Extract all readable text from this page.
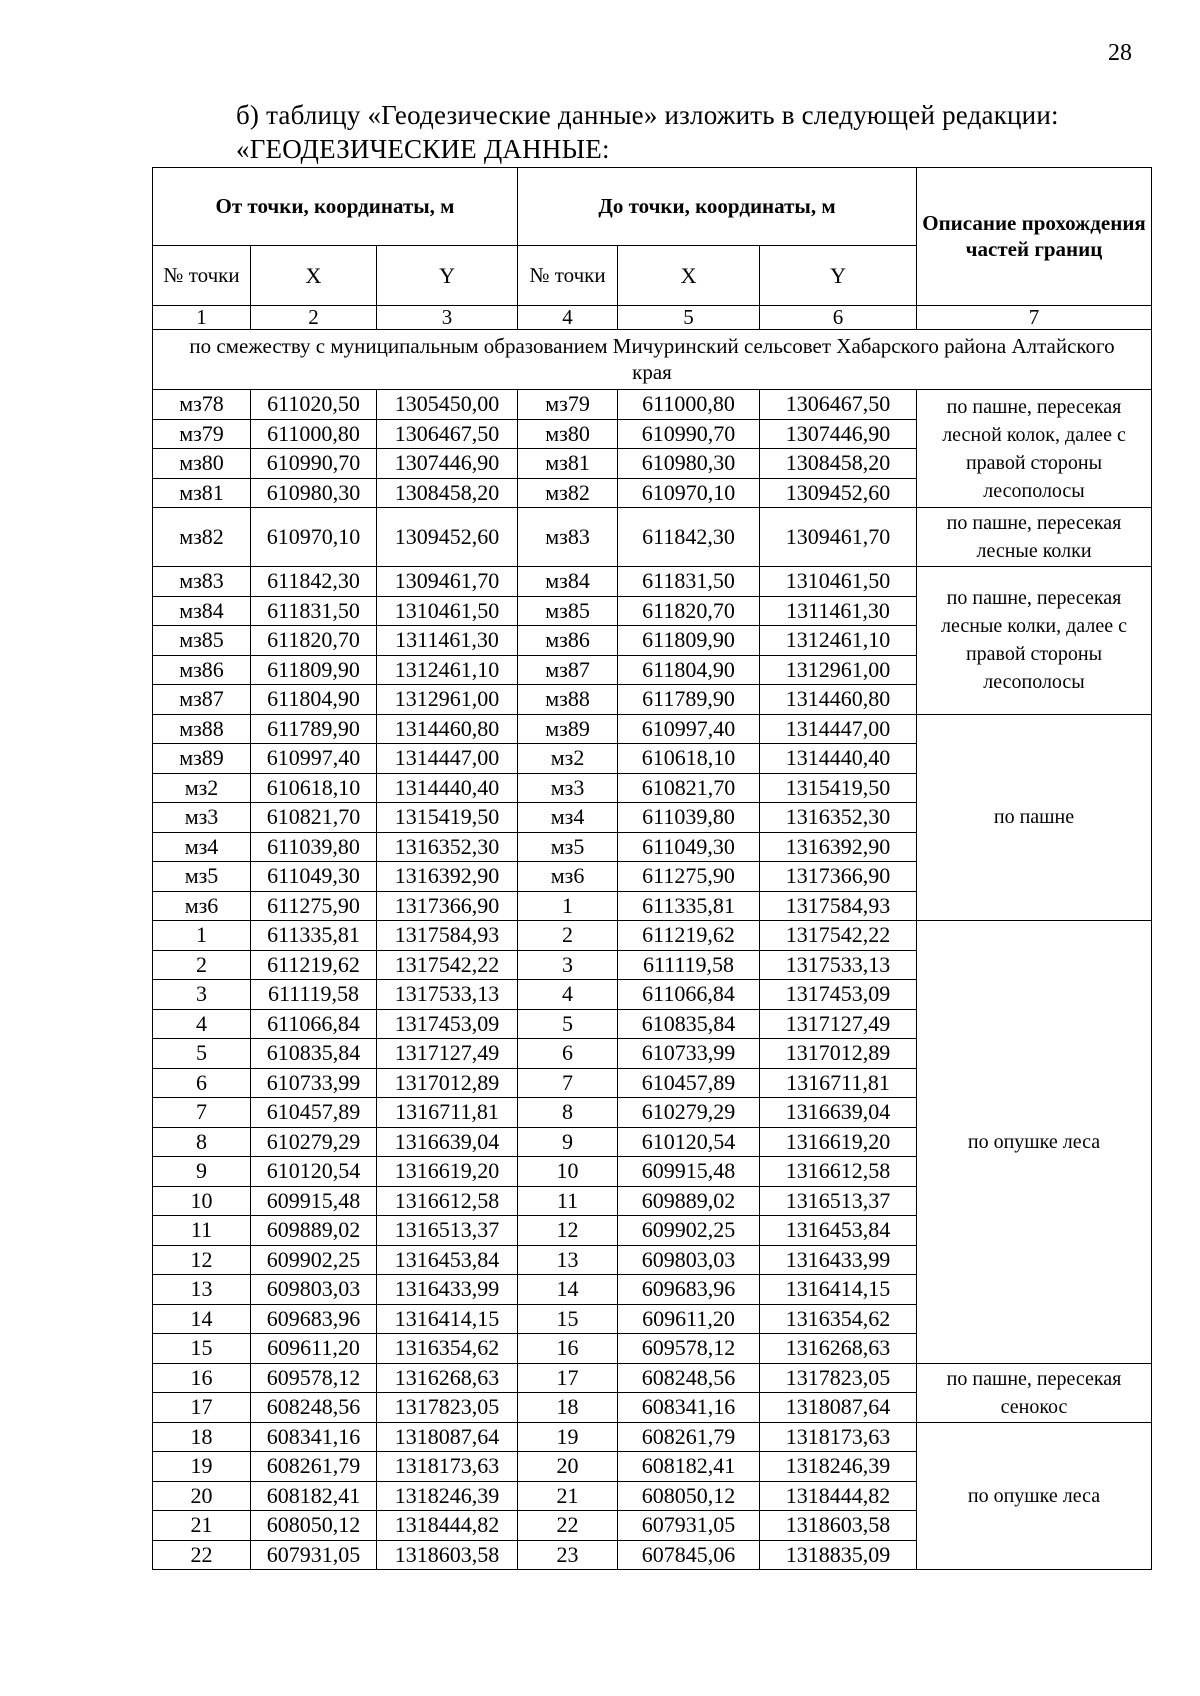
28
б) таблицу «Геодезические данные» изложить в следующей редакции:
«ГЕОДЕЗИЧЕСКИЕ ДАННЫЕ:
От точки, координаты, м			До точки, координаты, м			Описание прохождения частей границ
№ точки	X	Y	№ точки	X	Y	
1	2	3	4	5	6	7
по смежеству с муниципальным образованием Мичуринский сельсовет Хабарского района Алтайского края						
мз78	611020,50	1305450,00	мз79	611000,80	1306467,50	по пашне, пересекая лесной колок, далее с правой стороны лесополосы
мз79	611000,80	1306467,50	мз80	610990,70	1307446,90	
мз80	610990,70	1307446,90	мз81	610980,30	1308458,20	
мз81	610980,30	1308458,20	мз82	610970,10	1309452,60	
мз82	610970,10	1309452,60	мз83	611842,30	1309461,70	по пашне, пересекая лесные колки
мз83	611842,30	1309461,70	мз84	611831,50	1310461,50	по пашне, пересекая лесные колки, далее с правой стороны лесополосы
мз84	611831,50	1310461,50	мз85	611820,70	1311461,30	
мз85	611820,70	1311461,30	мз86	611809,90	1312461,10	
мз86	611809,90	1312461,10	мз87	611804,90	1312961,00	
мз87	611804,90	1312961,00	мз88	611789,90	1314460,80	
мз88	611789,90	1314460,80	мз89	610997,40	1314447,00	по пашне
мз89	610997,40	1314447,00	мз2	610618,10	1314440,40	
мз2	610618,10	1314440,40	мз3	610821,70	1315419,50	
мз3	610821,70	1315419,50	мз4	611039,80	1316352,30	
мз4	611039,80	1316352,30	мз5	611049,30	1316392,90	
мз5	611049,30	1316392,90	мз6	611275,90	1317366,90	
мз6	611275,90	1317366,90	1	611335,81	1317584,93	
1	611335,81	1317584,93	2	611219,62	1317542,22	по опушке леса
2	611219,62	1317542,22	3	611119,58	1317533,13	
3	611119,58	1317533,13	4	611066,84	1317453,09	
4	611066,84	1317453,09	5	610835,84	1317127,49	
5	610835,84	1317127,49	6	610733,99	1317012,89	
6	610733,99	1317012,89	7	610457,89	1316711,81	
7	610457,89	1316711,81	8	610279,29	1316639,04	
8	610279,29	1316639,04	9	610120,54	1316619,20	
9	610120,54	1316619,20	10	609915,48	1316612,58	
10	609915,48	1316612,58	11	609889,02	1316513,37	
11	609889,02	1316513,37	12	609902,25	1316453,84	
12	609902,25	1316453,84	13	609803,03	1316433,99	
13	609803,03	1316433,99	14	609683,96	1316414,15	
14	609683,96	1316414,15	15	609611,20	1316354,62	
15	609611,20	1316354,62	16	609578,12	1316268,63	
16	609578,12	1316268,63	17	608248,56	1317823,05	по пашне, пересекая сенокос
17	608248,56	1317823,05	18	608341,16	1318087,64	
18	608341,16	1318087,64	19	608261,79	1318173,63	по опушке леса
19	608261,79	1318173,63	20	608182,41	1318246,39	
20	608182,41	1318246,39	21	608050,12	1318444,82	
21	608050,12	1318444,82	22	607931,05	1318603,58	
22	607931,05	1318603,58	23	607845,06	1318835,09	
